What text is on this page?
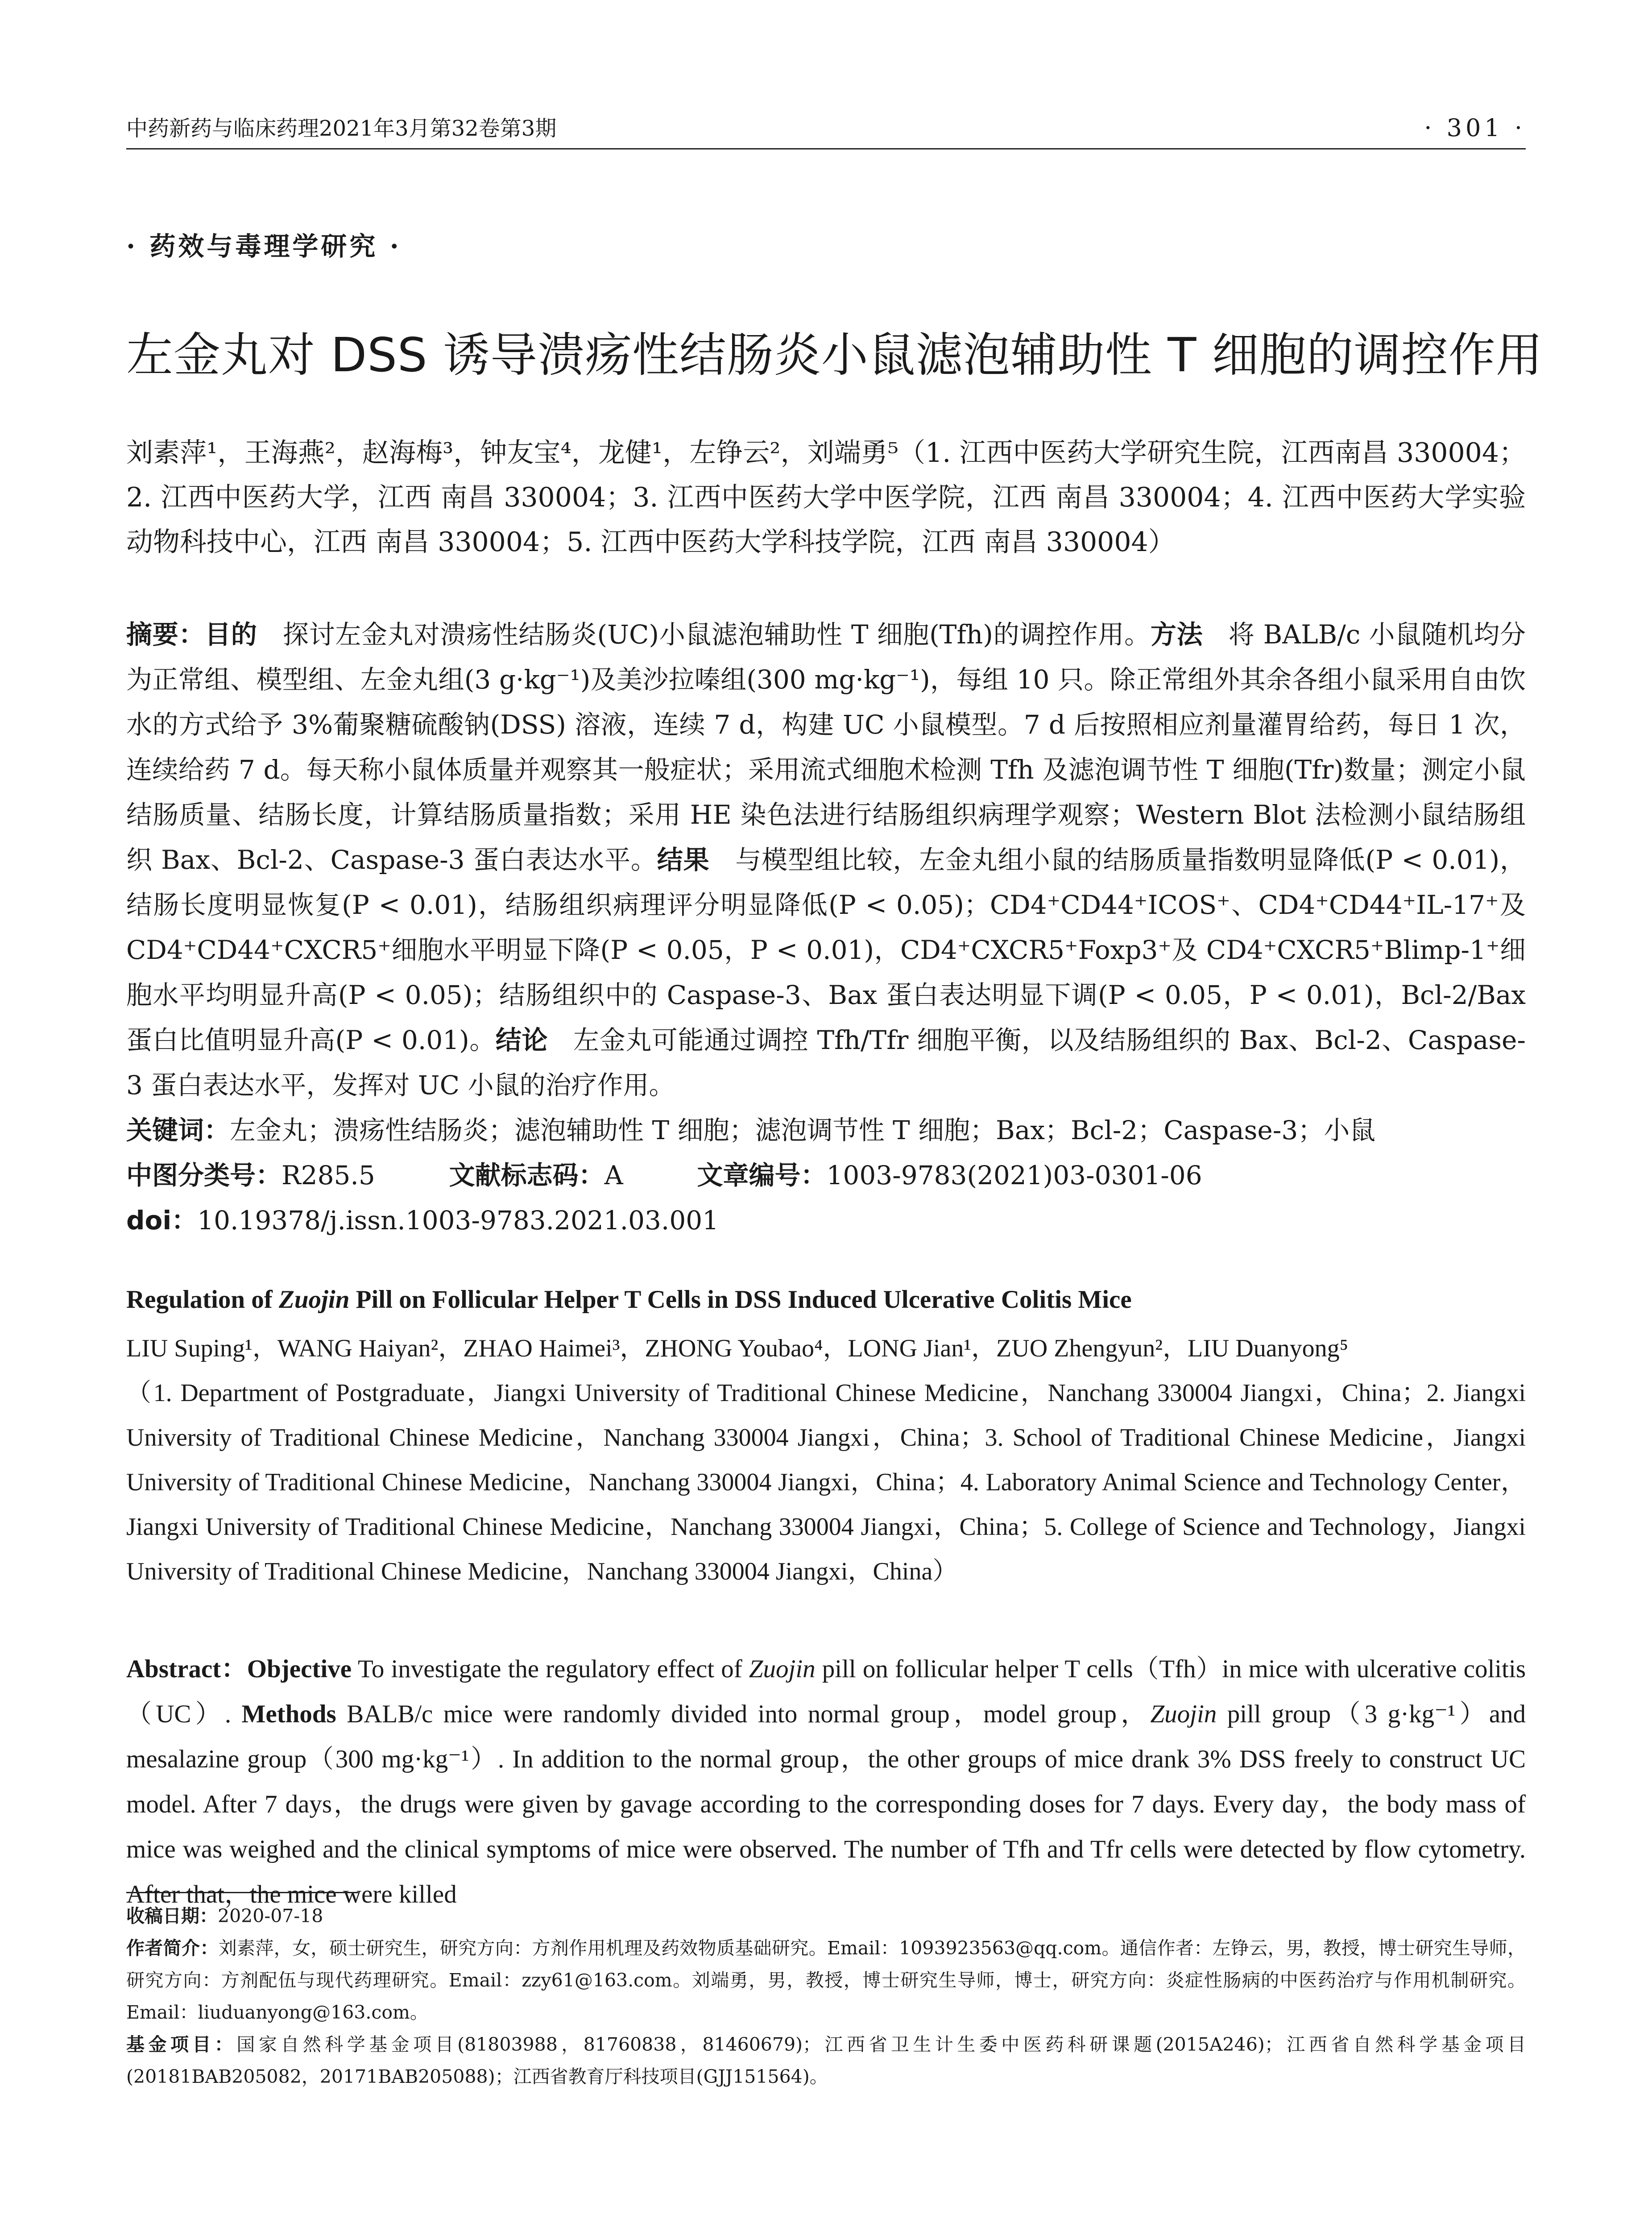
中药新药与临床药理2021年3月第32卷第3期	· 301 ·
· 药效与毒理学研究 ·
左金丸对 DSS 诱导溃疡性结肠炎小鼠滤泡辅助性 T 细胞的调控作用

刘素萍¹，王海燕²，赵海梅³，钟友宝⁴，龙健¹，左铮云²，刘端勇⁵（1. 江西中医药大学研究生院，江西南昌 330004；2. 江西中医药大学，江西 南昌 330004；3. 江西中医药大学中医学院，江西 南昌 330004；4. 江西中医药大学实验动物科技中心，江西 南昌 330004；5. 江西中医药大学科技学院，江西 南昌 330004）

摘要：目的 探讨左金丸对溃疡性结肠炎(UC)小鼠滤泡辅助性 T 细胞(Tfh)的调控作用。方法 将 BALB/c 小鼠随机均分为正常组、模型组、左金丸组(3 g·kg⁻¹)及美沙拉嗪组(300 mg·kg⁻¹)，每组 10 只。除正常组外其余各组小鼠采用自由饮水的方式给予 3%葡聚糖硫酸钠(DSS) 溶液，连续 7 d，构建 UC 小鼠模型。7 d 后按照相应剂量灌胃给药，每日 1 次，连续给药 7 d。每天称小鼠体质量并观察其一般症状；采用流式细胞术检测 Tfh 及滤泡调节性 T 细胞(Tfr)数量；测定小鼠结肠质量、结肠长度，计算结肠质量指数；采用 HE 染色法进行结肠组织病理学观察；Western Blot 法检测小鼠结肠组织 Bax、Bcl-2、Caspase-3 蛋白表达水平。结果 与模型组比较，左金丸组小鼠的结肠质量指数明显降低(P < 0.01)，结肠长度明显恢复(P < 0.01)，结肠组织病理评分明显降低(P < 0.05)；CD4⁺CD44⁺ICOS⁺、CD4⁺CD44⁺IL-17⁺及 CD4⁺CD44⁺CXCR5⁺细胞水平明显下降(P < 0.05，P < 0.01)，CD4⁺CXCR5⁺Foxp3⁺及 CD4⁺CXCR5⁺Blimp-1⁺细胞水平均明显升高(P < 0.05)；结肠组织中的 Caspase-3、Bax 蛋白表达明显下调(P < 0.05，P < 0.01)，Bcl-2/Bax 蛋白比值明显升高(P < 0.01)。结论 左金丸可能通过调控 Tfh/Tfr 细胞平衡，以及结肠组织的 Bax、Bcl-2、Caspase-3 蛋白表达水平，发挥对 UC 小鼠的治疗作用。

关键词：左金丸；溃疡性结肠炎；滤泡辅助性 T 细胞；滤泡调节性 T 细胞；Bax；Bcl-2；Caspase-3；小鼠

中图分类号：R285.5	文献标志码：A	文章编号：1003-9783(2021)03-0301-06

doi：10.19378/j.issn.1003-9783.2021.03.001

Regulation of Zuojin Pill on Follicular Helper T Cells in DSS Induced Ulcerative Colitis Mice

LIU Suping¹，WANG Haiyan²，ZHAO Haimei³，ZHONG Youbao⁴，LONG Jian¹，ZUO Zhengyun²，LIU Duanyong⁵

（1. Department of Postgraduate，Jiangxi University of Traditional Chinese Medicine，Nanchang 330004 Jiangxi，China；2. Jiangxi University of Traditional Chinese Medicine，Nanchang 330004 Jiangxi，China；3. School of Traditional Chinese Medicine，Jiangxi University of Traditional Chinese Medicine，Nanchang 330004 Jiangxi，China；4. Laboratory Animal Science and Technology Center，Jiangxi University of Traditional Chinese Medicine，Nanchang 330004 Jiangxi，China；5. College of Science and Technology，Jiangxi University of Traditional Chinese Medicine，Nanchang 330004 Jiangxi，China）

Abstract：Objective To investigate the regulatory effect of Zuojin pill on follicular helper T cells（Tfh）in mice with ulcerative colitis（UC）. Methods BALB/c mice were randomly divided into normal group，model group，Zuojin pill group（3 g·kg⁻¹）and mesalazine group（300 mg·kg⁻¹）. In addition to the normal group，the other groups of mice drank 3% DSS freely to construct UC model. After 7 days，the drugs were given by gavage according to the corresponding doses for 7 days. Every day，the body mass of mice was weighed and the clinical symptoms of mice were observed. The number of Tfh and Tfr cells were detected by flow cytometry. After that，the mice were killed

收稿日期：2020-07-18

作者简介：刘素萍，女，硕士研究生，研究方向：方剂作用机理及药效物质基础研究。Email：1093923563@qq.com。通信作者：左铮云，男，教授，博士研究生导师，研究方向：方剂配伍与现代药理研究。Email：zzy61@163.com。刘端勇，男，教授，博士研究生导师，博士，研究方向：炎症性肠病的中医药治疗与作用机制研究。Email：liuduanyong@163.com。

基金项目：国家自然科学基金项目(81803988，81760838，81460679)；江西省卫生计生委中医药科研课题(2015A246)；江西省自然科学基金项目(20181BAB205082，20171BAB205088)；江西省教育厅科技项目(GJJ151564)。
